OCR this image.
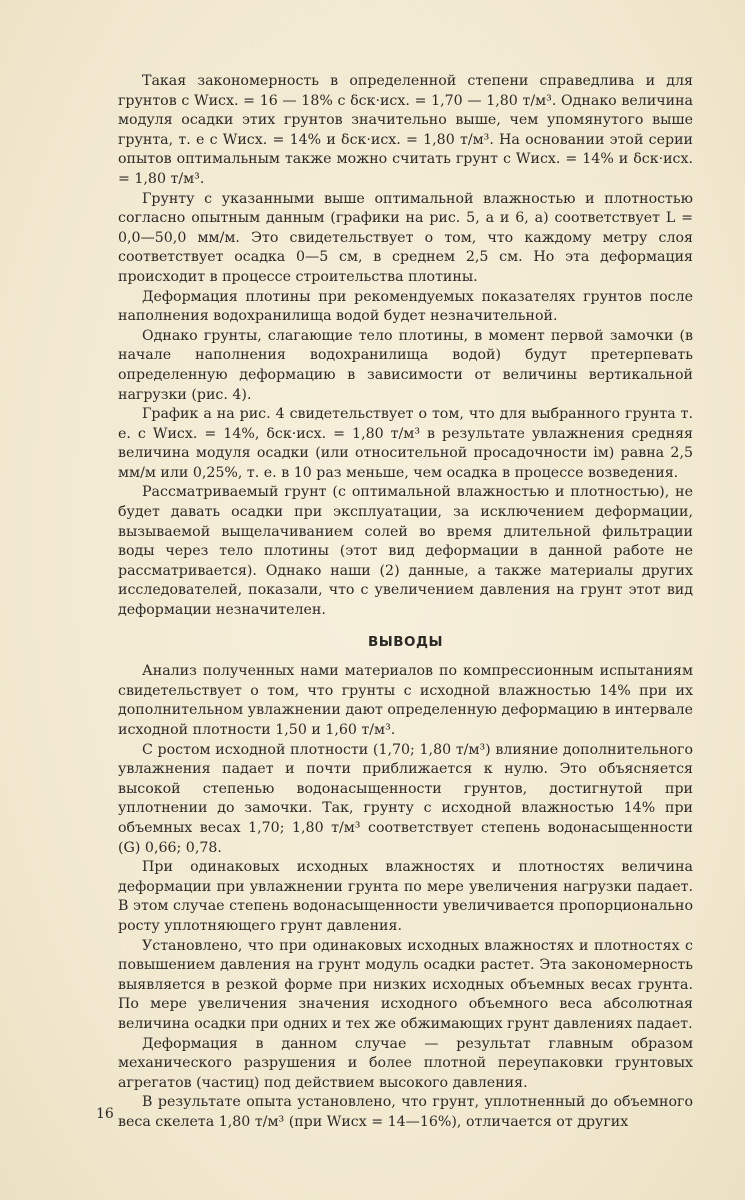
Такая закономерность в определенной степени справедлива и для грунтов с Wисх. = 16 — 18% с δск·исх. = 1,70 — 1,80 т/м³. Однако величина модуля осадки этих грунтов значительно выше, чем упомянутого выше грунта, т. е с Wисх. = 14% и δск·исх. = 1,80 т/м³. На основании этой серии опытов оптимальным также можно считать грунт с Wисх. = 14% и δск·исх. = 1,80 т/м³.

Грунту с указанными выше оптимальной влажностью и плотностью согласно опытным данным (графики на рис. 5, а и 6, а) соответствует L = 0,0—50,0 мм/м. Это свидетельствует о том, что каждому метру слоя соответствует осадка 0—5 см, в среднем 2,5 см. Но эта деформация происходит в процессе строительства плотины.

Деформация плотины при рекомендуемых показателях грунтов после наполнения водохранилища водой будет незначительной.

Однако грунты, слагающие тело плотины, в момент первой замочки (в начале наполнения водохранилища водой) будут претерпевать определенную деформацию в зависимости от величины вертикальной нагрузки (рис. 4).

График а на рис. 4 свидетельствует о том, что для выбранного грунта т. е. с Wисх. = 14%, δск·исх. = 1,80 т/м³ в результате увлажнения средняя величина модуля осадки (или относительной просадочности iм) равна 2,5 мм/м или 0,25%, т. е. в 10 раз меньше, чем осадка в процессе возведения.

Рассматриваемый грунт (с оптимальной влажностью и плотностью), не будет давать осадки при эксплуатации, за исключением деформации, вызываемой выщелачиванием солей во время длительной фильтрации воды через тело плотины (этот вид деформации в данной работе не рассматривается). Однако наши (2) данные, а также материалы других исследователей, показали, что с увеличением давления на грунт этот вид деформации незначителен.

ВЫВОДЫ

Анализ полученных нами материалов по компрессионным испытаниям свидетельствует о том, что грунты с исходной влажностью 14% при их дополнительном увлажнении дают определенную деформацию в интервале исходной плотности 1,50 и 1,60 т/м³.

С ростом исходной плотности (1,70; 1,80 т/м³) влияние дополнительного увлажнения падает и почти приближается к нулю. Это объясняется высокой степенью водонасыщенности грунтов, достигнутой при уплотнении до замочки. Так, грунту с исходной влажностью 14% при объемных весах 1,70; 1,80 т/м³ соответствует степень водонасыщенности (G) 0,66; 0,78.

При одинаковых исходных влажностях и плотностях величина деформации при увлажнении грунта по мере увеличения нагрузки падает. В этом случае степень водонасыщенности увеличивается пропорционально росту уплотняющего грунт давления.

Установлено, что при одинаковых исходных влажностях и плотностях с повышением давления на грунт модуль осадки растет. Эта закономерность выявляется в резкой форме при низких исходных объемных весах грунта. По мере увеличения значения исходного объемного веса абсолютная величина осадки при одних и тех же обжимающих грунт давлениях падает.

Деформация в данном случае — результат главным образом механического разрушения и более плотной переупаковки грунтовых агрегатов (частиц) под действием высокого давления.

В результате опыта установлено, что грунт, уплотненный до объемного веса скелета 1,80 т/м³ (при Wисх = 14—16%), отличается от других

16
